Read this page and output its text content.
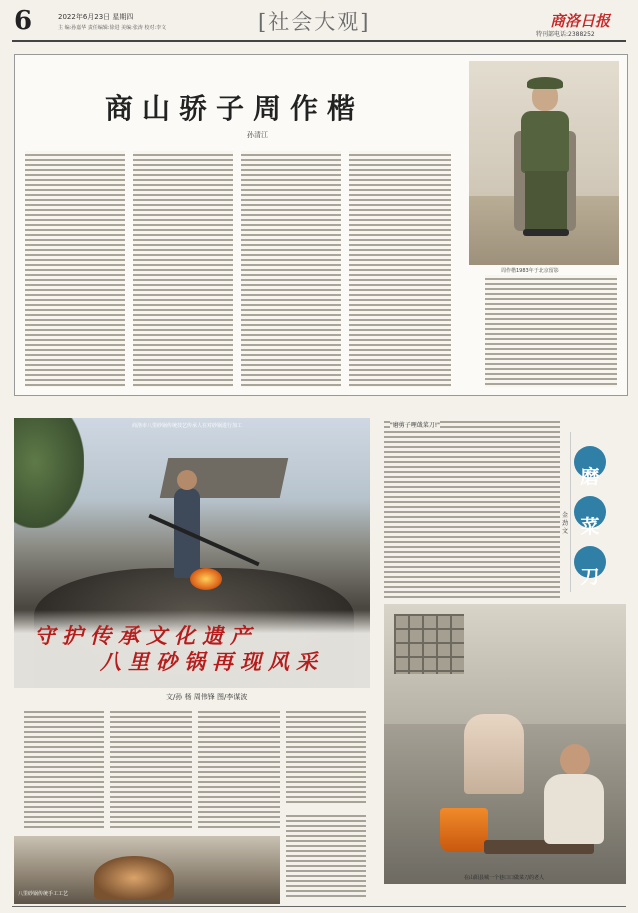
6	2022年6月23日 星期四
主 编:孙嘉华 责任编辑:徐进 美编:张涛 校对:李文	[社会大观]	商洛日报
特刊部电话:2388252
商山骄子周作楷
孙清江
周作楷1983年于北京留影
商洛市八里砂锅传统技艺传承人在对砂锅进行加工
守护传承文化遗产
八里砂锅再现风采
文/孙 杨 周伟锋 图/李谋波
八里砂锅传统手工工艺
"磨剪子哩戗菜刀!"
磨
菜
刀
金劲文
在山阳县城一个巷口口做菜刀的老人
